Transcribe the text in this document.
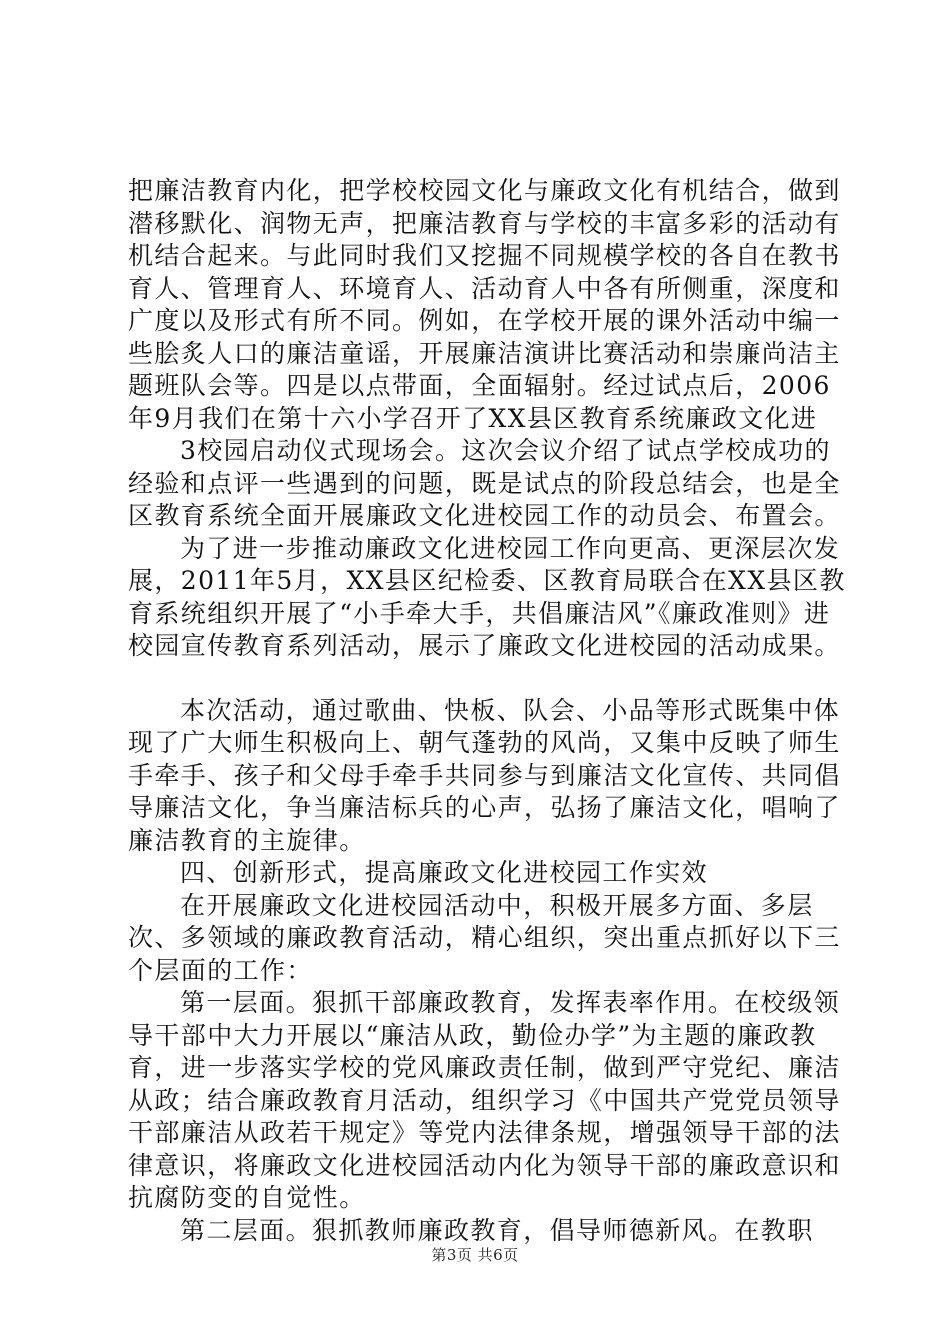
把廉洁教育内化，把学校校园文化与廉政文化有机结合，做到潜移默化、润物无声，把廉洁教育与学校的丰富多彩的活动有机结合起来。与此同时我们又挖掘不同规模学校的各自在教书育人、管理育人、环境育人、活动育人中各有所侧重，深度和广度以及形式有所不同。例如，在学校开展的课外活动中编一些脍炙人口的廉洁童谣，开展廉洁演讲比赛活动和崇廉尚洁主题班队会等。四是以点带面，全面辐射。经过试点后，2006年9月我们在第十六小学召开了XX县区教育系统廉政文化进

3校园启动仪式现场会。这次会议介绍了试点学校成功的经验和点评一些遇到的问题，既是试点的阶段总结会，也是全区教育系统全面开展廉政文化进校园工作的动员会、布置会。

为了进一步推动廉政文化进校园工作向更高、更深层次发展，2011年5月，XX县区纪检委、区教育局联合在XX县区教育系统组织开展了“小手牵大手，共倡廉洁风”《廉政准则》进校园宣传教育系列活动，展示了廉政文化进校园的活动成果。

本次活动，通过歌曲、快板、队会、小品等形式既集中体现了广大师生积极向上、朝气蓬勃的风尚，又集中反映了师生手牵手、孩子和父母手牵手共同参与到廉洁文化宣传、共同倡导廉洁文化，争当廉洁标兵的心声，弘扬了廉洁文化，唱响了廉洁教育的主旋律。

四、创新形式，提高廉政文化进校园工作实效

在开展廉政文化进校园活动中，积极开展多方面、多层次、多领域的廉政教育活动，精心组织，突出重点抓好以下三个层面的工作：

第一层面。狠抓干部廉政教育，发挥表率作用。在校级领导干部中大力开展以“廉洁从政，勤俭办学”为主题的廉政教育，进一步落实学校的党风廉政责任制，做到严守党纪、廉洁从政；结合廉政教育月活动，组织学习《中国共产党党员领导干部廉洁从政若干规定》等党内法律条规，增强领导干部的法律意识，将廉政文化进校园活动内化为领导干部的廉政意识和抗腐防变的自觉性。

第二层面。狠抓教师廉政教育，倡导师德新风。在教职

第3页 共6页
